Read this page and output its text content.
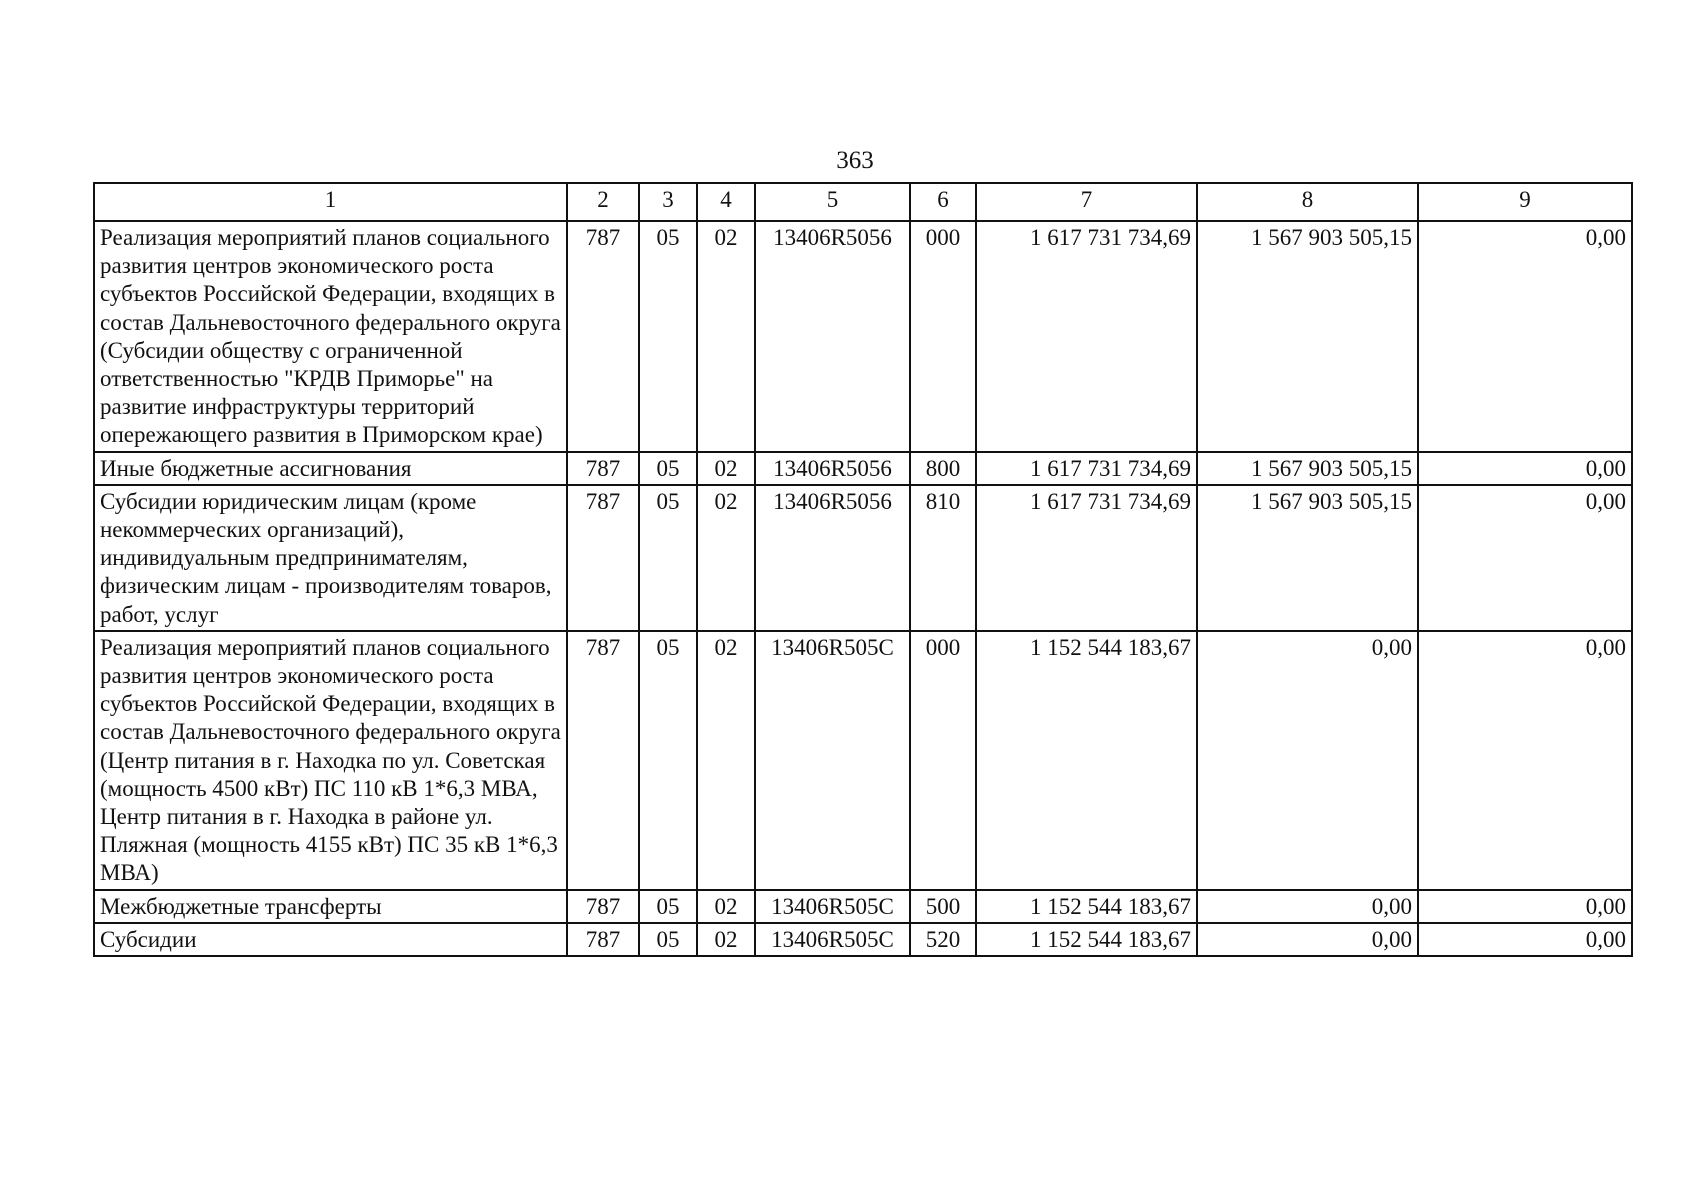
363
1	2	3	4	5	6	7	8	9
Реализация мероприятий планов социального развития центров экономического роста субъектов Российской Федерации, входящих в состав Дальневосточного федерального округа (Субсидии обществу с ограниченной ответственностью "КРДВ Приморье" на развитие инфраструктуры территорий опережающего развития в Приморском крае)	787	05	02	13406R5056	000	1 617 731 734,69	1 567 903 505,15	0,00
Иные бюджетные ассигнования	787	05	02	13406R5056	800	1 617 731 734,69	1 567 903 505,15	0,00
Субсидии юридическим лицам (кроме некоммерческих организаций), индивидуальным предпринимателям, физическим лицам - производителям товаров, работ, услуг	787	05	02	13406R5056	810	1 617 731 734,69	1 567 903 505,15	0,00
Реализация мероприятий планов социального развития центров экономического роста субъектов Российской Федерации, входящих в состав Дальневосточного федерального округа (Центр питания в г. Находка по ул. Советская (мощность 4500 кВт) ПС 110 кВ 1*6,3 МВА, Центр питания в г. Находка в районе ул. Пляжная (мощность 4155 кВт) ПС 35 кВ 1*6,3 МВА)	787	05	02	13406R505C	000	1 152 544 183,67	0,00	0,00
Межбюджетные трансферты	787	05	02	13406R505C	500	1 152 544 183,67	0,00	0,00
Субсидии	787	05	02	13406R505C	520	1 152 544 183,67	0,00	0,00
